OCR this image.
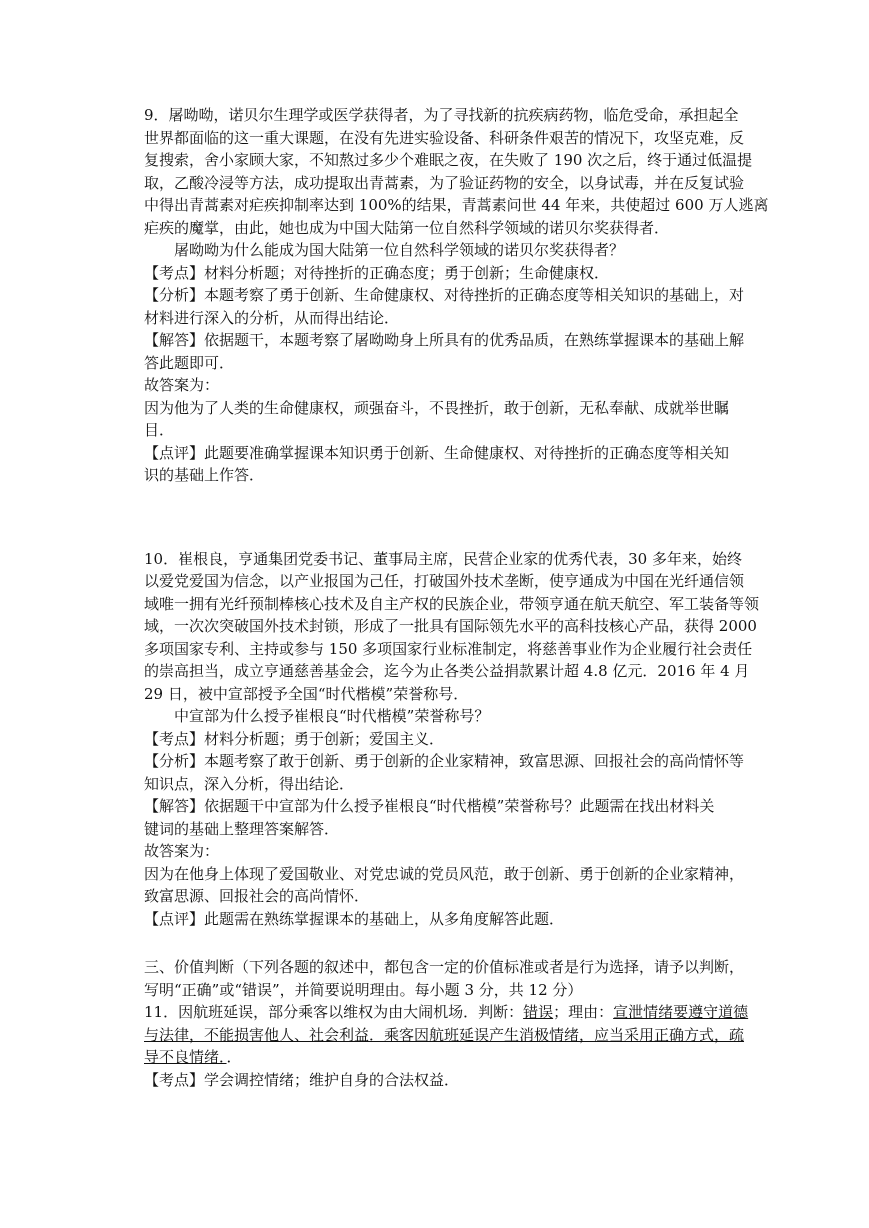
9．屠呦呦，诺贝尔生理学或医学获得者，为了寻找新的抗疾病药物，临危受命，承担起全

世界都面临的这一重大课题，在没有先进实验设备、科研条件艰苦的情况下，攻坚克难，反

复搜索，舍小家顾大家，不知熬过多少个难眠之夜，在失败了 190 次之后，终于通过低温提

取，乙酸冷浸等方法，成功提取出青蒿素，为了验证药物的安全，以身试毒，并在反复试验

中得出青蒿素对疟疾抑制率达到 100%的结果，青蒿素问世 44 年来，共使超过 600 万人逃离

疟疾的魔掌，由此，她也成为中国大陆第一位自然科学领域的诺贝尔奖获得者．

屠呦呦为什么能成为国大陆第一位自然科学领域的诺贝尔奖获得者？

【考点】材料分析题；对待挫折的正确态度；勇于创新；生命健康权．

【分析】本题考察了勇于创新、生命健康权、对待挫折的正确态度等相关知识的基础上，对

材料进行深入的分析，从而得出结论．

【解答】依据题干，本题考察了屠呦呦身上所具有的优秀品质，在熟练掌握课本的基础上解

答此题即可．

故答案为：

因为他为了人类的生命健康权，顽强奋斗，不畏挫折，敢于创新，无私奉献、成就举世瞩

目．

【点评】此题要准确掌握课本知识勇于创新、生命健康权、对待挫折的正确态度等相关知

识的基础上作答．

10．崔根良，亨通集团党委书记、董事局主席，民营企业家的优秀代表，30 多年来，始终

以爱党爱国为信念，以产业报国为己任，打破国外技术垄断，使亨通成为中国在光纤通信领

域唯一拥有光纤预制棒核心技术及自主产权的民族企业，带领亨通在航天航空、军工装备等领

域，一次次突破国外技术封锁，形成了一批具有国际领先水平的高科技核心产品，获得 2000

多项国家专利、主持或参与 150 多项国家行业标准制定，将慈善事业作为企业履行社会责任

的崇高担当，成立亨通慈善基金会，迄今为止各类公益捐款累计超 4.8 亿元．2016 年 4 月

29 日，被中宣部授予全国“时代楷模”荣誉称号．

中宣部为什么授予崔根良“时代楷模”荣誉称号？

【考点】材料分析题；勇于创新；爱国主义．

【分析】本题考察了敢于创新、勇于创新的企业家精神，致富思源、回报社会的高尚情怀等

知识点，深入分析，得出结论．

【解答】依据题干中宣部为什么授予崔根良“时代楷模”荣誉称号？此题需在找出材料关

键词的基础上整理答案解答．

故答案为：

因为在他身上体现了爱国敬业、对党忠诚的党员风范，敢于创新、勇于创新的企业家精神，

致富思源、回报社会的高尚情怀．

【点评】此题需在熟练掌握课本的基础上，从多角度解答此题．

三、价值判断（下列各题的叙述中，都包含一定的价值标准或者是行为选择，请予以判断，

写明“正确”或“错误”，并简要说明理由。每小题 3 分，共 12 分）

11．因航班延误，部分乘客以维权为由大闹机场．判断：错误；理由：宣泄情绪要遵守道德

与法律，不能损害他人、社会利益．乘客因航班延误产生消极情绪，应当采用正确方式，疏

导不良情绪．．

【考点】学会调控情绪；维护自身的合法权益．
